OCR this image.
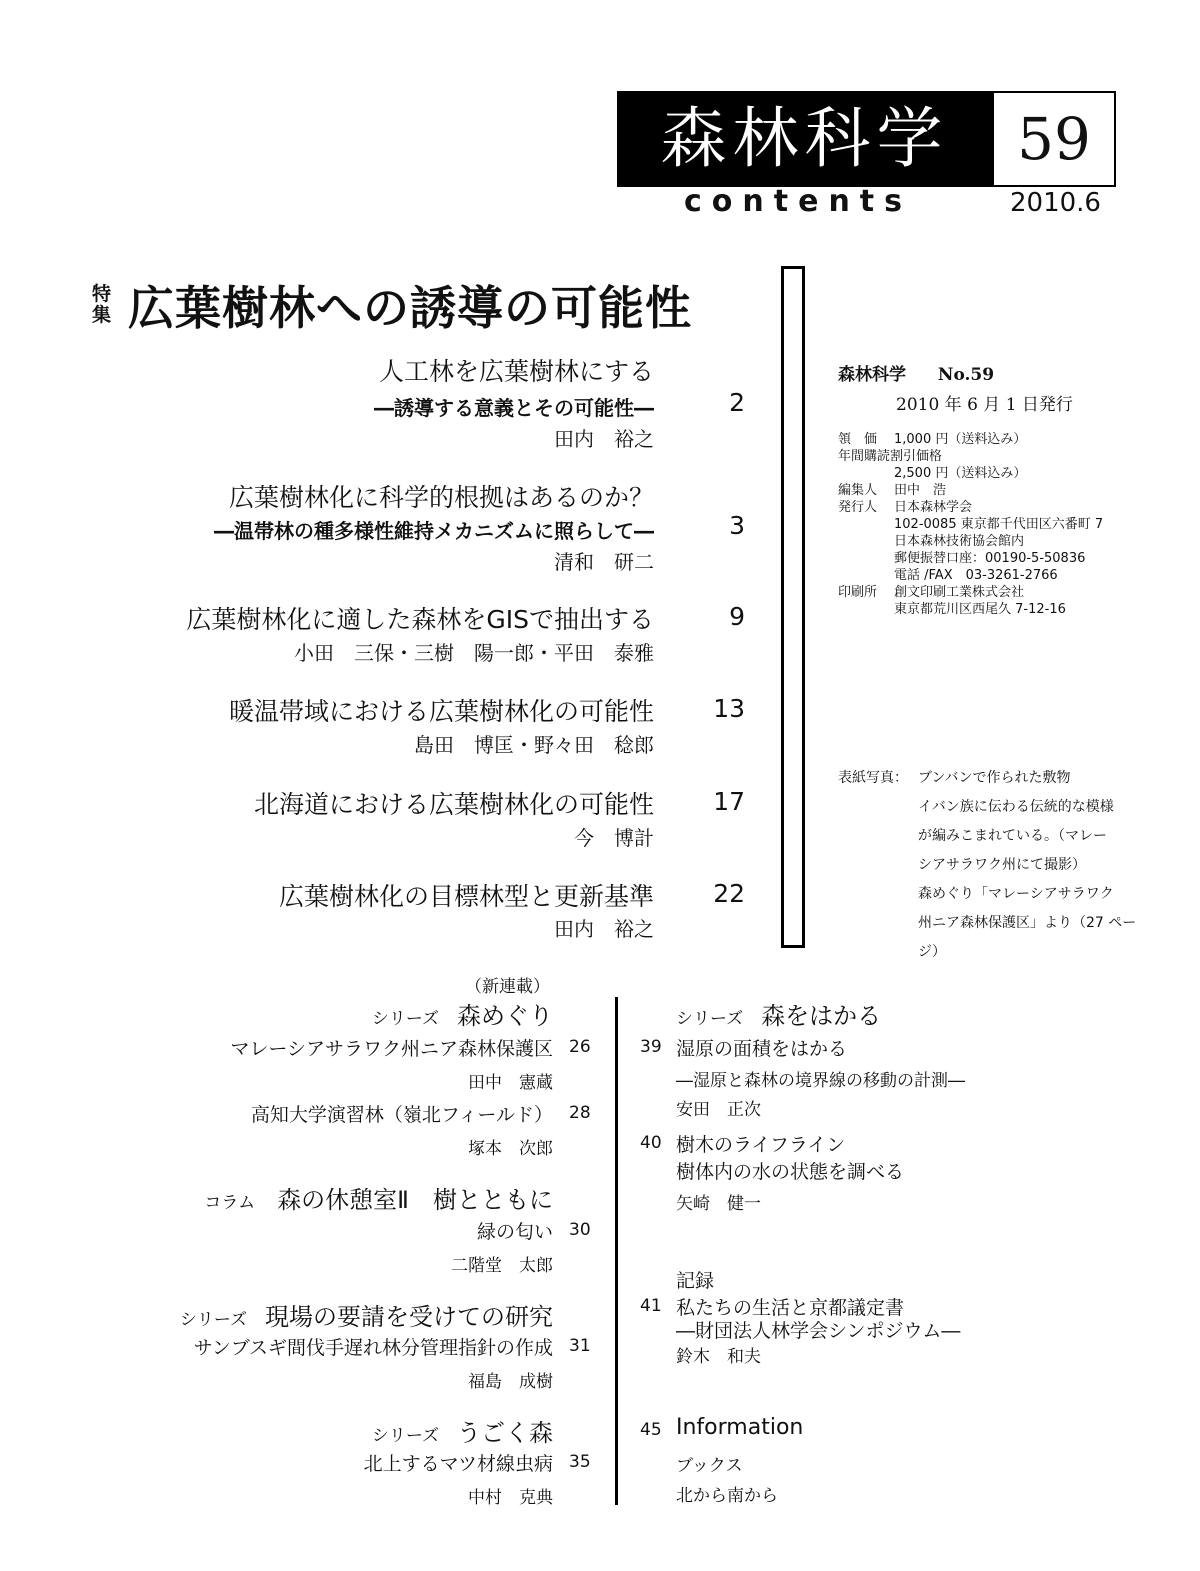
森林科学	59
contents	2010.6
特
集 広葉樹林への誘導の可能性
人工林を広葉樹林にする
―誘導する意義とその可能性―	2
田内　裕之
広葉樹林化に科学的根拠はあるのか？
―温帯林の種多様性維持メカニズムに照らして―	3
清和　研二
広葉樹林化に適した森林をGISで抽出する	9
小田　三保・三樹　陽一郎・平田　泰雅
暖温帯域における広葉樹林化の可能性	13
島田　博匡・野々田　稔郎
北海道における広葉樹林化の可能性	17
今　博計
広葉樹林化の目標林型と更新基準	22
田内　裕之
森林科学 No.59
2010 年 6 月 1 日発行
領　価 1,000 円（送料込み）
年間購読割引価格
2,500 円（送料込み）
編集人 田中　浩
発行人 日本森林学会
102-0085 東京都千代田区六番町 7
日本森林技術協会館内
郵便振替口座：00190-5-50836
電話 /FAX　03-3261-2766
印刷所 創文印刷工業株式会社
東京都荒川区西尾久 7-12-16
表紙写真： ブンバンで作られた敷物
イバン族に伝わる伝統的な模様
が編みこまれている。（マレー
シアサラワク州にて撮影）
森めぐり「マレーシアサラワク
州ニア森林保護区」より（27 ペー
ジ）
（新連載）
シリーズ 森めぐり
マレーシアサラワク州ニア森林保護区 26
田中　憲蔵
高知大学演習林（嶺北フィールド） 28
塚本　次郎
コラム 森の休憩室Ⅱ　樹とともに
緑の匂い 30
二階堂　太郎
シリーズ 現場の要請を受けての研究
サンブスギ間伐手遅れ林分管理指針の作成 31
福島　成樹
シリーズ うごく森
北上するマツ材線虫病 35
中村　克典
シリーズ 森をはかる
39 湿原の面積をはかる
―湿原と森林の境界線の移動の計測―
安田　正次
40 樹木のライフライン
樹体内の水の状態を調べる
矢崎　健一
記録
41 私たちの生活と京都議定書
―財団法人林学会シンポジウム―
鈴木　和夫
45 Information
ブックス
北から南から
